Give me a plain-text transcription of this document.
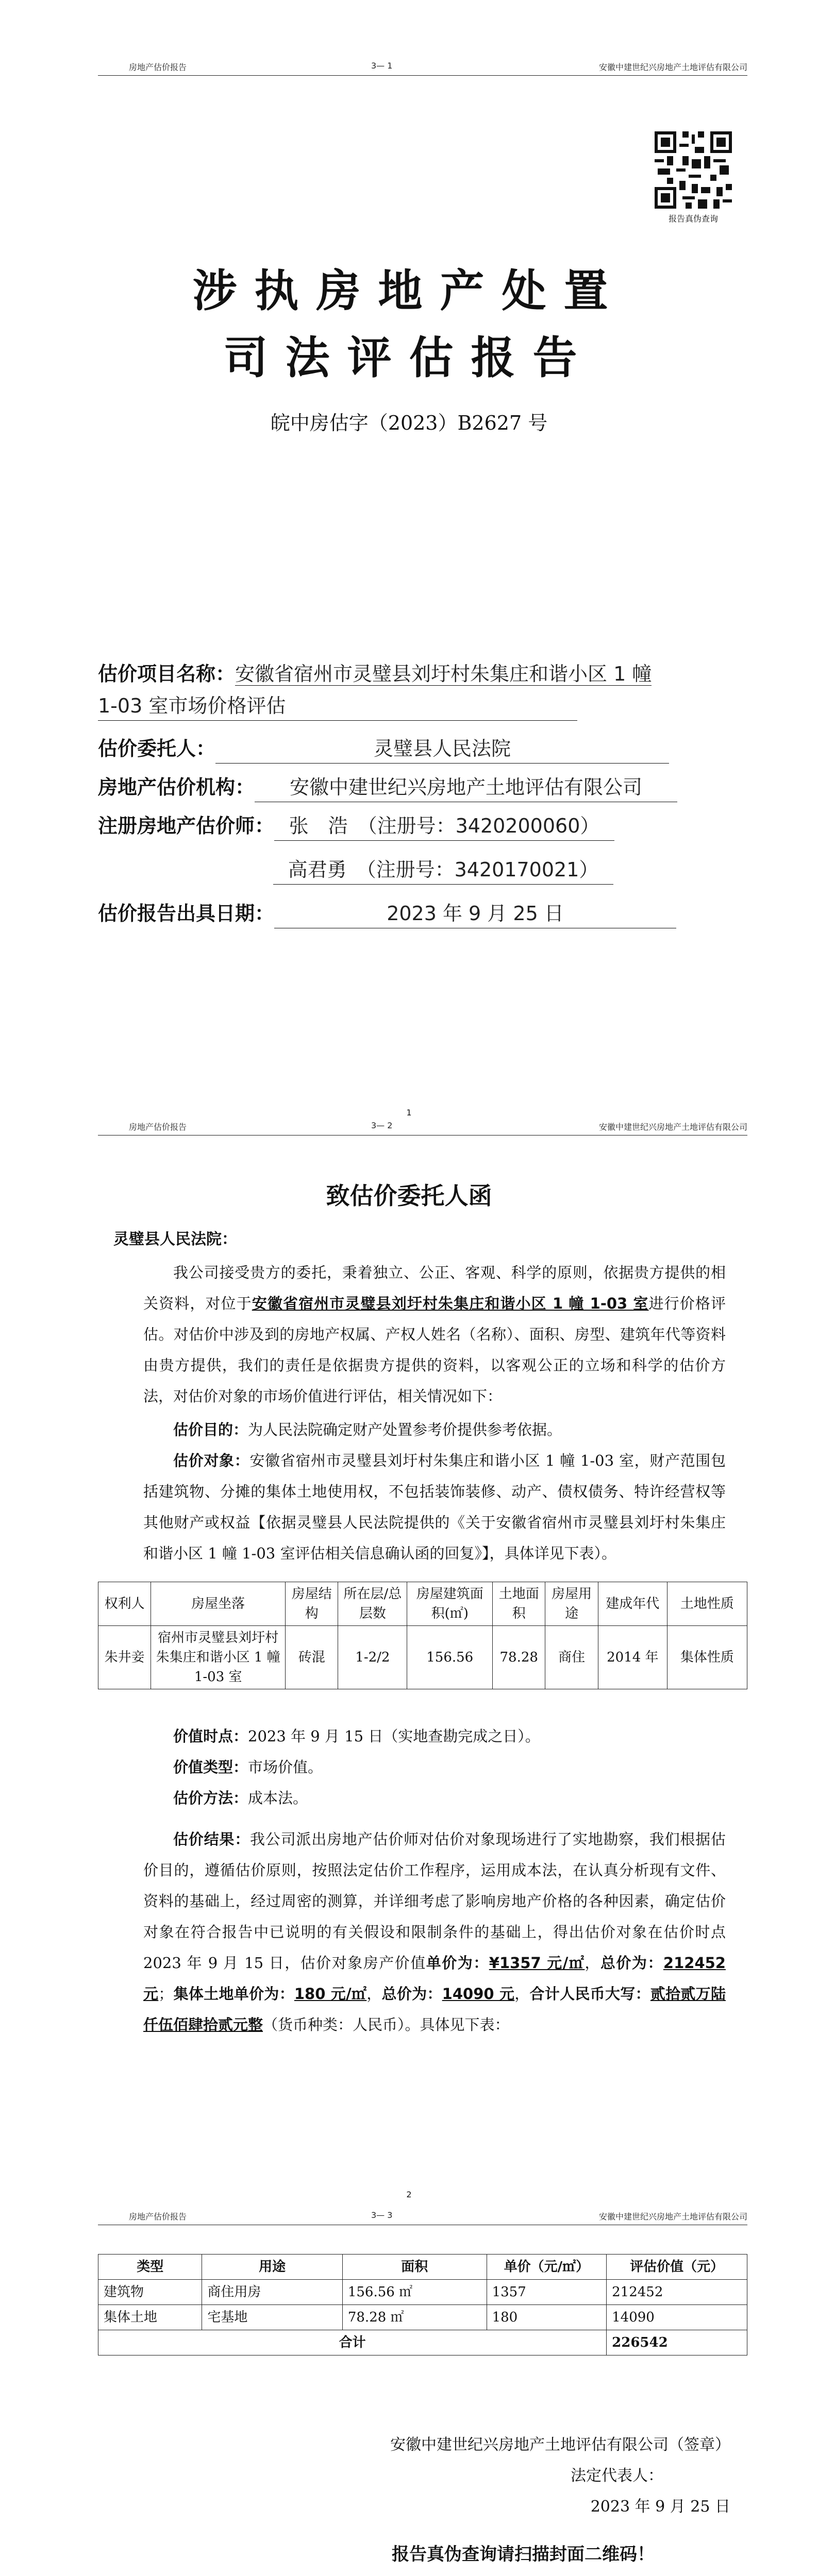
房地产估价报告	3— 1	安徽中建世纪兴房地产土地评估有限公司
报告真伪查询
涉执房地产处置
司法评估报告
皖中房估字（2023）B2627 号
估价项目名称：安徽省宿州市灵璧县刘圩村朱集庄和谐小区 1 幢
1-03 室市场价格评估
估价委托人：	灵璧县人民法院
房地产估价机构： 安徽中建世纪兴房地产土地评估有限公司
注册房地产估价师： 张　浩　（注册号：3420200060）
高君勇　（注册号：3420170021）
估价报告出具日期：	2023 年 9 月 25 日
1
房地产估价报告	3— 2	安徽中建世纪兴房地产土地评估有限公司
致估价委托人函
灵璧县人民法院：
我公司接受贵方的委托，秉着独立、公正、客观、科学的原则，依据贵方提供的相关资料，对位于安徽省宿州市灵璧县刘圩村朱集庄和谐小区 1 幢 1-03 室进行价格评估。对估价中涉及到的房地产权属、产权人姓名（名称）、面积、房型、建筑年代等资料由贵方提供，我们的责任是依据贵方提供的资料，以客观公正的立场和科学的估价方法，对估价对象的市场价值进行评估，相关情况如下：
估价目的：为人民法院确定财产处置参考价提供参考依据。
估价对象：安徽省宿州市灵璧县刘圩村朱集庄和谐小区 1 幢 1-03 室，财产范围包括建筑物、分摊的集体土地使用权，不包括装饰装修、动产、债权债务、特许经营权等其他财产或权益【依据灵璧县人民法院提供的《关于安徽省宿州市灵璧县刘圩村朱集庄和谐小区 1 幢 1-03 室评估相关信息确认函的回复》】，具体详见下表）。
权利人	房屋坐落	房屋结构	所在层/总层数	房屋建筑面积(㎡)	土地面积	房屋用途	建成年代	土地性质
朱井妾	宿州市灵璧县刘圩村朱集庄和谐小区 1 幢 1-03 室	砖混	1-2/2	156.56	78.28	商住	2014 年	集体性质
价值时点：2023 年 9 月 15 日（实地查勘完成之日）。
价值类型：市场价值。
估价方法：成本法。
估价结果：我公司派出房地产估价师对估价对象现场进行了实地勘察，我们根据估价目的，遵循估价原则，按照法定估价工作程序，运用成本法，在认真分析现有文件、资料的基础上，经过周密的测算，并详细考虑了影响房地产价格的各种因素，确定估价对象在符合报告中已说明的有关假设和限制条件的基础上，得出估价对象在估价时点 2023 年 9 月 15 日，估价对象房产价值单价为：¥1357 元/㎡，总价为：212452 元；集体土地单价为：180 元/㎡，总价为：14090 元，合计人民币大写：贰拾贰万陆仟伍佰肆拾贰元整（货币种类：人民币）。具体见下表：
2
房地产估价报告	3— 3	安徽中建世纪兴房地产土地评估有限公司
类型	用途	面积	单价（元/㎡）	评估价值（元）
建筑物	商住用房	156.56 ㎡	1357	212452
集体土地	宅基地	78.28 ㎡	180	14090
合计				226542
安徽中建世纪兴房地产土地评估有限公司（签章）
法定代表人：
2023 年 9 月 25 日
报告真伪查询请扫描封面二维码！
